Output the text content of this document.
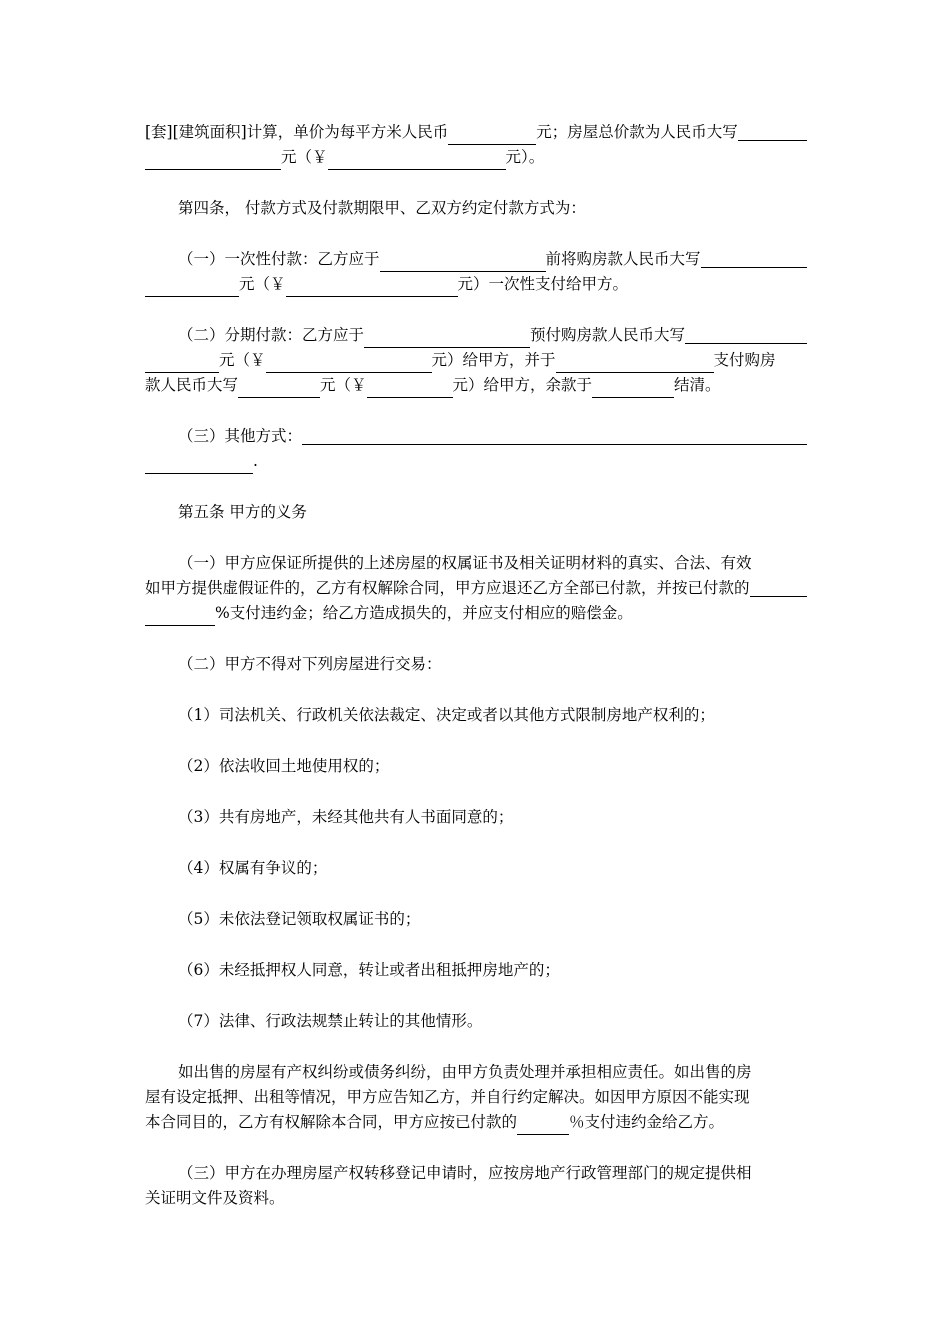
[套][建筑面积]计算，单价为每平方米人民币	元；房屋总价款为人民币大写
元（￥	元）。
第四条， 付款方式及付款期限甲、乙双方约定付款方式为：
（一）一次性付款：乙方应于	前将购房款人民币大写
元（￥	元）一次性支付给甲方。
（二）分期付款：乙方应于	预付购房款人民币大写
元（￥	元）给甲方，并于	支付购房
款人民币大写	元（￥	元）给甲方，余款于	结清。
（三）其他方式：
.
第五条 甲方的义务
（一）甲方应保证所提供的上述房屋的权属证书及相关证明材料的真实、合法、有效
如甲方提供虚假证件的，乙方有权解除合同，甲方应退还乙方全部已付款，并按已付款的
%支付违约金；给乙方造成损失的，并应支付相应的赔偿金。
（二）甲方不得对下列房屋进行交易：
（1）司法机关、行政机关依法裁定、决定或者以其他方式限制房地产权利的；
（2）依法收回土地使用权的；
（3）共有房地产，未经其他共有人书面同意的；
（4）权属有争议的；
（5）未依法登记领取权属证书的；
（6）未经抵押权人同意，转让或者出租抵押房地产的；
（7）法律、行政法规禁止转让的其他情形。
如出售的房屋有产权纠纷或债务纠纷，由甲方负责处理并承担相应责任。如出售的房
屋有设定抵押、出租等情况，甲方应告知乙方，并自行约定解决。如因甲方原因不能实现
本合同目的，乙方有权解除本合同，甲方应按已付款的	％支付违约金给乙方。
（三）甲方在办理房屋产权转移登记申请时，应按房地产行政管理部门的规定提供相
关证明文件及资料。
